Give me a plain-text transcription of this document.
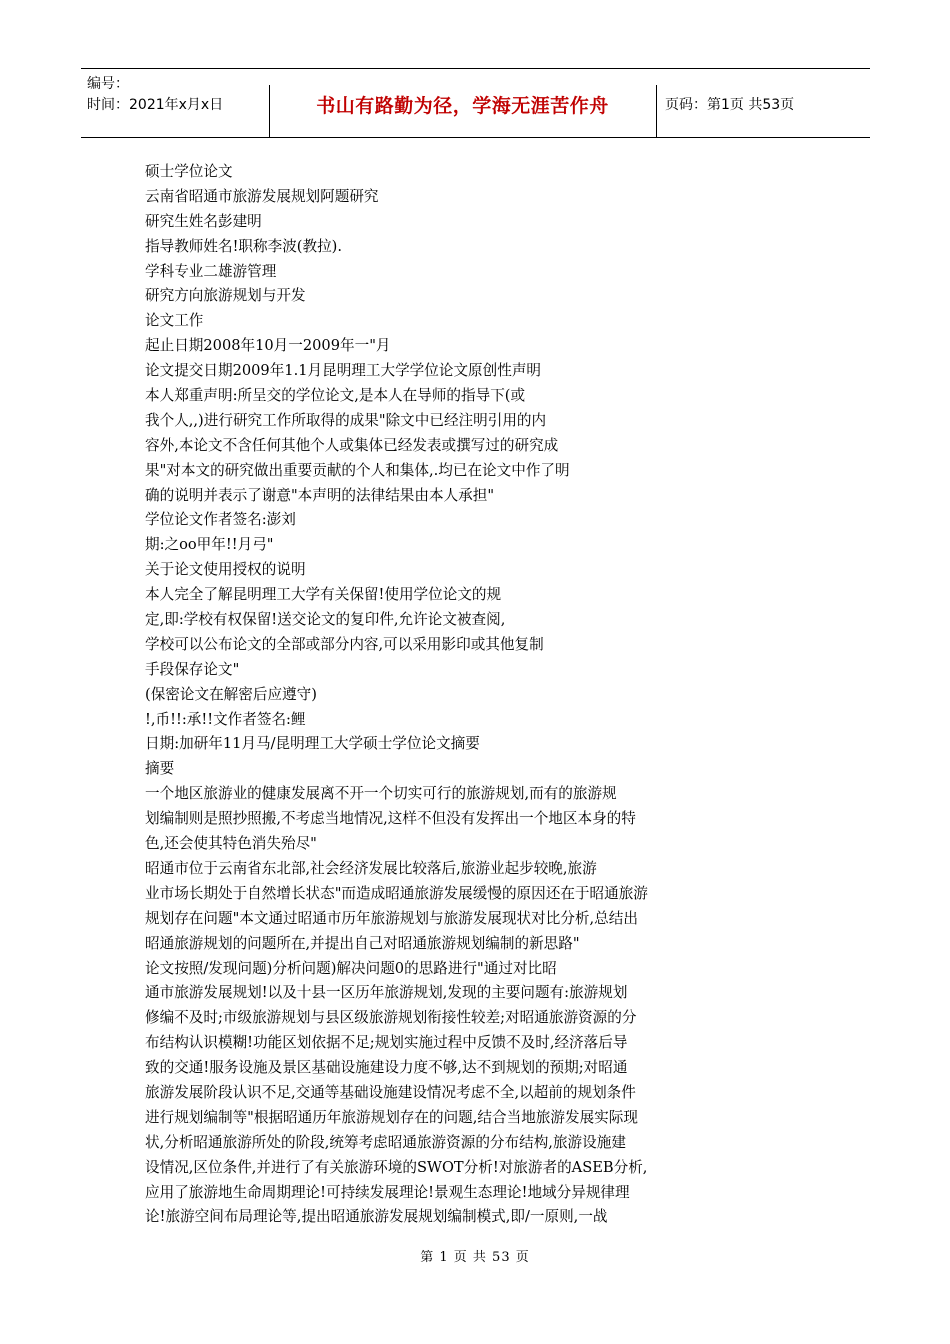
编号：
时间：2021年x月x日	书山有路勤为径，学海无涯苦作舟	页码：第1页 共53页
硕士学位论文
云南省昭通市旅游发展规划阿题研究
研究生姓名彭建明
指导教师姓名!职称李波(教拉).
学科专业二雄游管理
研究方向旅游规划与开发
论文工作
起止日期2008年10月一2009年一"月
论文提交日期2009年1.1月昆明理工大学学位论文原创性声明
本人郑重声明:所呈交的学位论文,是本人在导师的指导下(或
我个人,,)进行研究工作所取得的成果"除文中已经注明引用的内
容外,本论文不含任何其他个人或集体已经发表或撰写过的研究成
果"对本文的研究做出重要贡献的个人和集体,.均已在论文中作了明
确的说明并表示了谢意"本声明的法律结果由本人承担"
学位论文作者签名:澎刘
期:之oo甲年!!月弓"
关于论文使用授权的说明
本人完全了解昆明理工大学有关保留!使用学位论文的规
定,即:学校有权保留!送交论文的复印件,允许论文被查阅,
学校可以公布论文的全部或部分内容,可以采用影印或其他复制
手段保存论文"
(保密论文在解密后应遵守)
!,币!!:承!!文作者签名:鲤
日期:加研年11月马/昆明理工大学硕士学位论文摘要
摘要
一个地区旅游业的健康发展离不开一个切实可行的旅游规划,而有的旅游规
划编制则是照抄照搬,不考虑当地情况,这样不但没有发挥出一个地区本身的特
色,还会使其特色消失殆尽"
昭通市位于云南省东北部,社会经济发展比较落后,旅游业起步较晚,旅游
业市场长期处于自然增长状态"而造成昭通旅游发展缓慢的原因还在于昭通旅游
规划存在问题"本文通过昭通市历年旅游规划与旅游发展现状对比分析,总结出
昭通旅游规划的问题所在,并提出自己对昭通旅游规划编制的新思路"
论文按照/发现问题)分析问题)解决问题0的思路进行"通过对比昭
通市旅游发展规划!以及十县一区历年旅游规划,发现的主要问题有:旅游规划
修编不及时;市级旅游规划与县区级旅游规划衔接性较差;对昭通旅游资源的分
布结构认识模糊!功能区划依据不足;规划实施过程中反馈不及时,经济落后导
致的交通!服务设施及景区基础设施建设力度不够,达不到规划的预期;对昭通
旅游发展阶段认识不足,交通等基础设施建设情况考虑不全,以超前的规划条件
进行规划编制等"根据昭通历年旅游规划存在的问题,结合当地旅游发展实际现
状,分析昭通旅游所处的阶段,统筹考虑昭通旅游资源的分布结构,旅游设施建
设情况,区位条件,并进行了有关旅游环境的SWOT分析!对旅游者的ASEB分析,
应用了旅游地生命周期理论!可持续发展理论!景观生态理论!地域分异规律理
论!旅游空间布局理论等,提出昭通旅游发展规划编制模式,即/一原则,一战
第 1 页 共 53 页
